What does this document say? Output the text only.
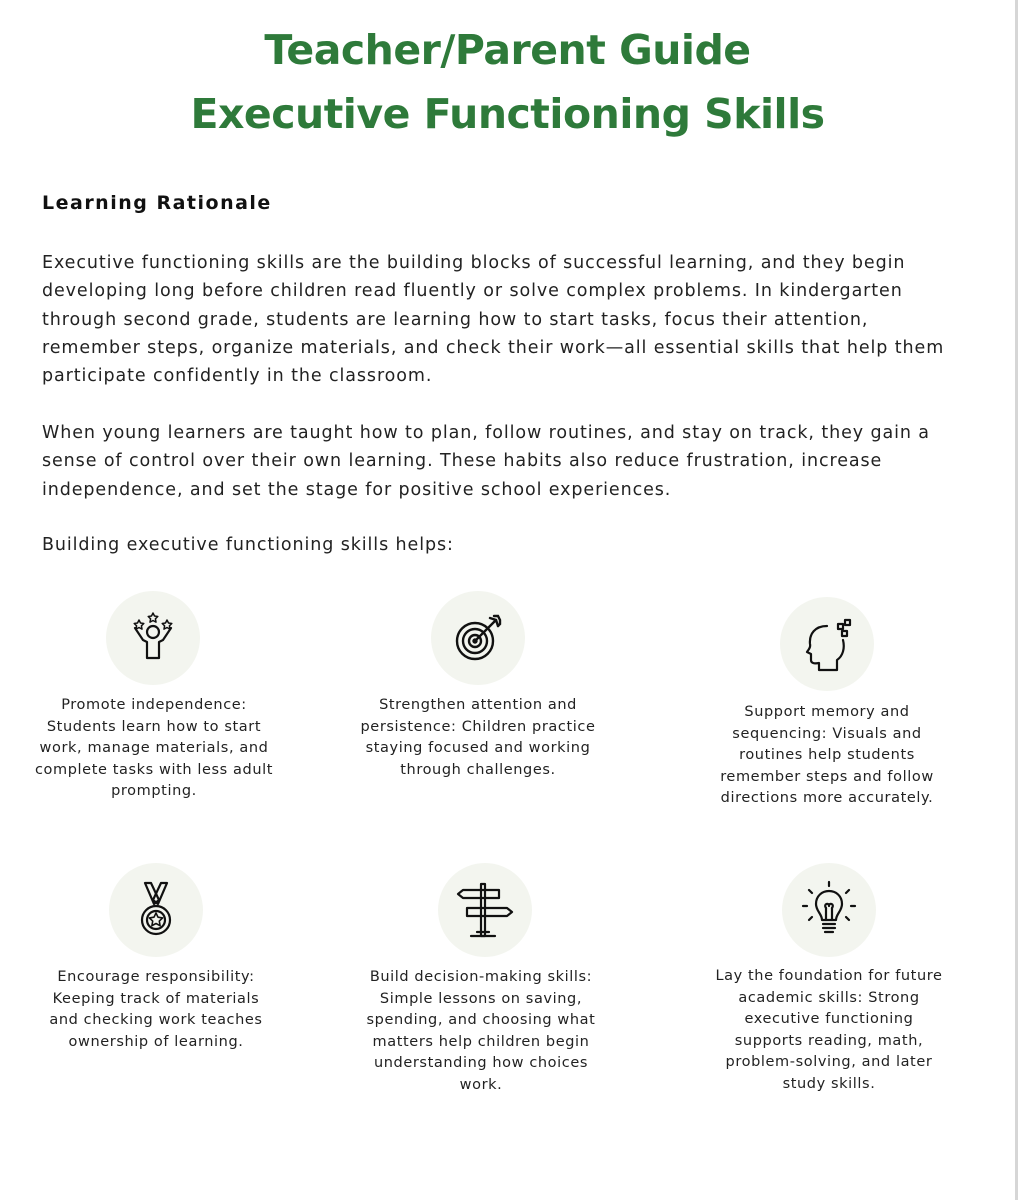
Teacher/Parent Guide
Executive Functioning Skills
Learning Rationale
Executive functioning skills are the building blocks of successful learning, and they begin developing long before children read fluently or solve complex problems. In kindergarten through second grade, students are learning how to start tasks, focus their attention, remember steps, organize materials, and check their work—all essential skills that help them participate confidently in the classroom.
When young learners are taught how to plan, follow routines, and stay on track, they gain a sense of control over their own learning. These habits also reduce frustration, increase independence, and set the stage for positive school experiences.
Building executive functioning skills helps:
Promote independence: Students learn how to start work, manage materials, and complete tasks with less adult prompting.
Strengthen attention and persistence: Children practice staying focused and working through challenges.
Support memory and sequencing: Visuals and routines help students remember steps and follow directions more accurately.
Encourage responsibility: Keeping track of materials and checking work teaches ownership of learning.
Build decision-making skills: Simple lessons on saving, spending, and choosing what matters help children begin understanding how choices work.
Lay the foundation for future academic skills: Strong executive functioning supports reading, math, problem-solving, and later study skills.
